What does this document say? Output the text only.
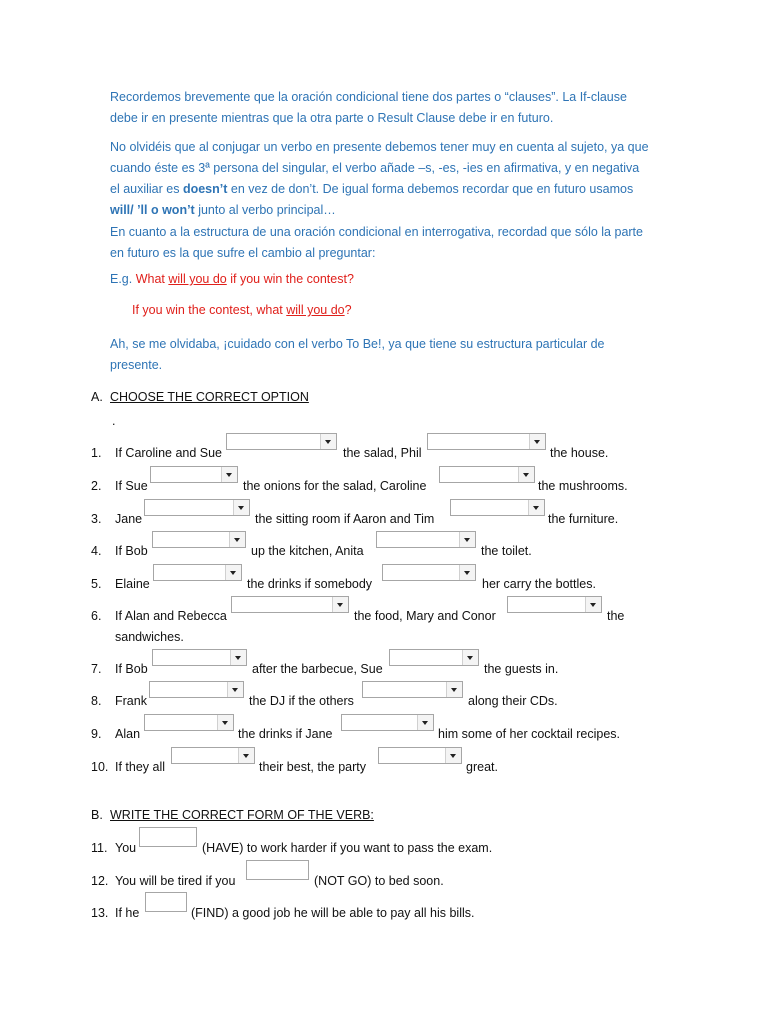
Recordemos brevemente que la oración condicional tiene dos partes o “clauses”. La If-clause debe ir en presente mientras que la otra parte o Result Clause debe ir en futuro.
No olvidéis que al conjugar un verbo en presente debemos tener muy en cuenta al sujeto, ya que cuando éste es 3ª persona del singular, el verbo añade –s, -es, -ies en afirmativa, y en negativa el auxiliar es doesn’t en vez de don’t. De igual forma debemos recordar que en futuro usamos will/ ’ll o won’t junto al verbo principal…
En cuanto a la estructura de una oración condicional en interrogativa, recordad que sólo la parte en futuro es la que sufre el cambio al preguntar:
E.g. What will you do if you win the contest?
If you win the contest, what will you do?
Ah, se me olvidaba, ¡cuidado con el verbo To Be!, ya que tiene su estructura particular de presente.
A. CHOOSE THE CORRECT OPTION
.
1. If Caroline and Sue	the salad, Phil	the house.
2. If Sue	the onions for the salad, Caroline	the mushrooms.
3. Jane	the sitting room if Aaron and Tim	the furniture.
4. If Bob	up the kitchen, Anita	the toilet.
5. Elaine	the drinks if somebody	her carry the bottles.
6. If Alan and Rebecca	the food, Mary and Conor	the
sandwiches.
7. If Bob	after the barbecue, Sue	the guests in.
8. Frank	the DJ if the others	along their CDs.
9. Alan	the drinks if Jane	him some of her cocktail recipes.
10. If they all	their best, the party	great.
B. WRITE THE CORRECT FORM OF THE VERB:
11. You	(HAVE) to work harder if you want to pass the exam.
12. You will be tired if you	(NOT GO) to bed soon.
13. If he	(FIND) a good job he will be able to pay all his bills.
